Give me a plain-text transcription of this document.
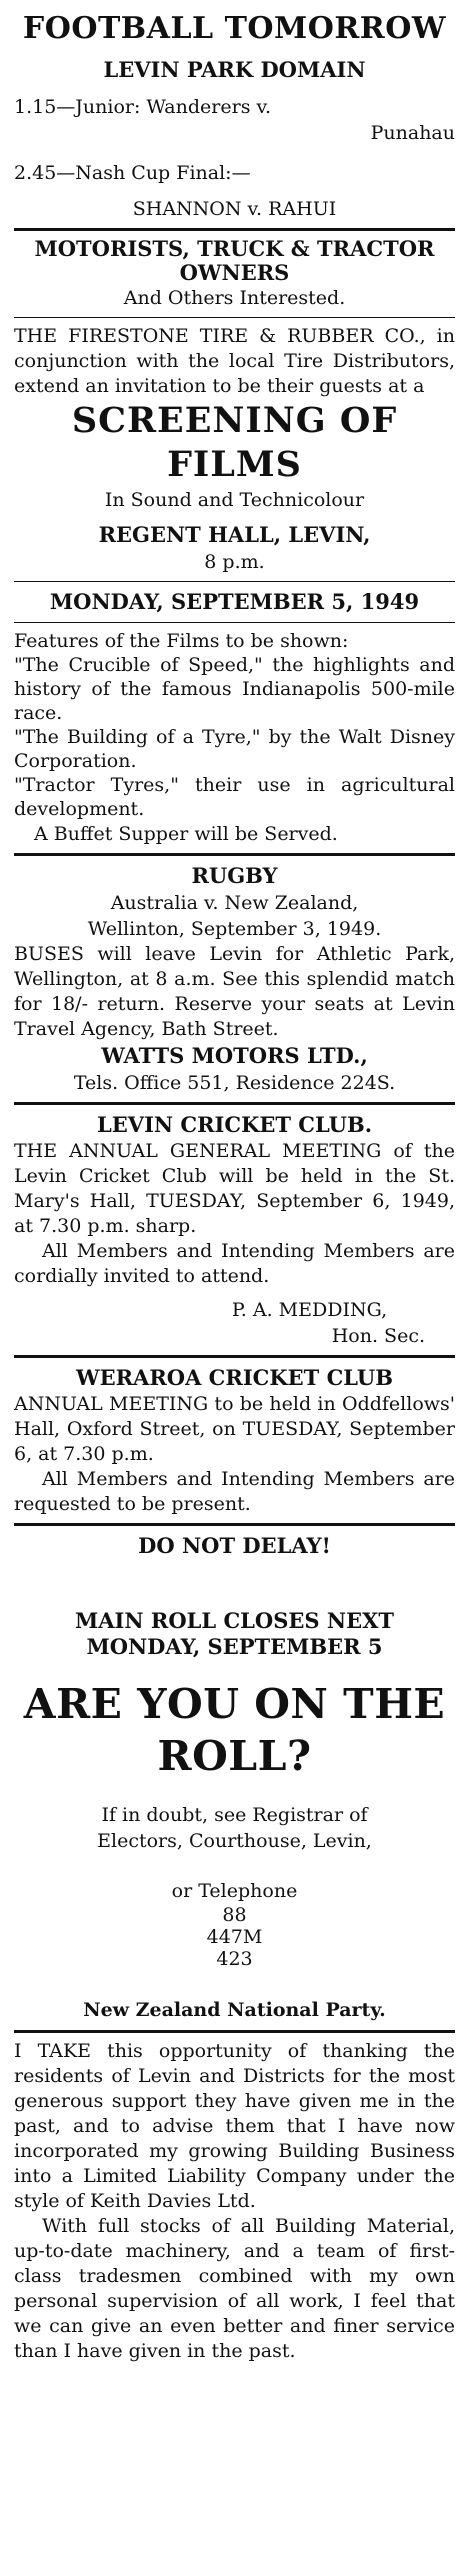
FOOTBALL TOMORROW

LEVIN PARK DOMAIN

1.15—Junior: Wanderers v.

Punahau

2.45—Nash Cup Final:—

SHANNON v. RAHUI

MOTORISTS, TRUCK & TRACTOR

OWNERS

And Others Interested.

THE FIRESTONE TIRE & RUBBER CO., in conjunction with the local Tire Distributors, extend an invitation to be their guests at a

SCREENING OF FILMS

In Sound and Technicolour

REGENT HALL, LEVIN,

8 p.m.

MONDAY, SEPTEMBER 5, 1949

Features of the Films to be shown:

"The Crucible of Speed," the highlights and history of the famous Indianapolis 500-mile race.

"The Building of a Tyre," by the Walt Disney Corporation.

"Tractor Tyres," their use in agricultural development.

A Buffet Supper will be Served.

RUGBY

Australia v. New Zealand,

Wellinton, September 3, 1949.

BUSES will leave Levin for Athletic Park, Wellington, at 8 a.m. See this splendid match for 18/- return. Reserve your seats at Levin Travel Agency, Bath Street.

WATTS MOTORS LTD.,

Tels. Office 551, Residence 224S.

LEVIN CRICKET CLUB.

THE ANNUAL GENERAL MEETING of the Levin Cricket Club will be held in the St. Mary's Hall, TUESDAY, September 6, 1949, at 7.30 p.m. sharp.

All Members and Intending Members are cordially invited to attend.

P. A. MEDDING,

Hon. Sec.

WERAROA CRICKET CLUB

ANNUAL MEETING to be held in Oddfellows' Hall, Oxford Street, on TUESDAY, September 6, at 7.30 p.m.

All Members and Intending Members are requested to be present.

DO NOT DELAY!

MAIN ROLL CLOSES NEXT

MONDAY, SEPTEMBER 5

ARE YOU ON THE ROLL?

If in doubt, see Registrar of

Electors, Courthouse, Levin,

or Telephone

88

447M

423

New Zealand National Party.

I TAKE this opportunity of thanking the residents of Levin and Districts for the most generous support they have given me in the past, and to advise them that I have now incorporated my growing Building Business into a Limited Liability Company under the style of Keith Davies Ltd.

With full stocks of all Building Material, up-to-date machinery, and a team of first-class tradesmen combined with my own personal supervision of all work, I feel that we can give an even better and finer service than I have given in the past.
